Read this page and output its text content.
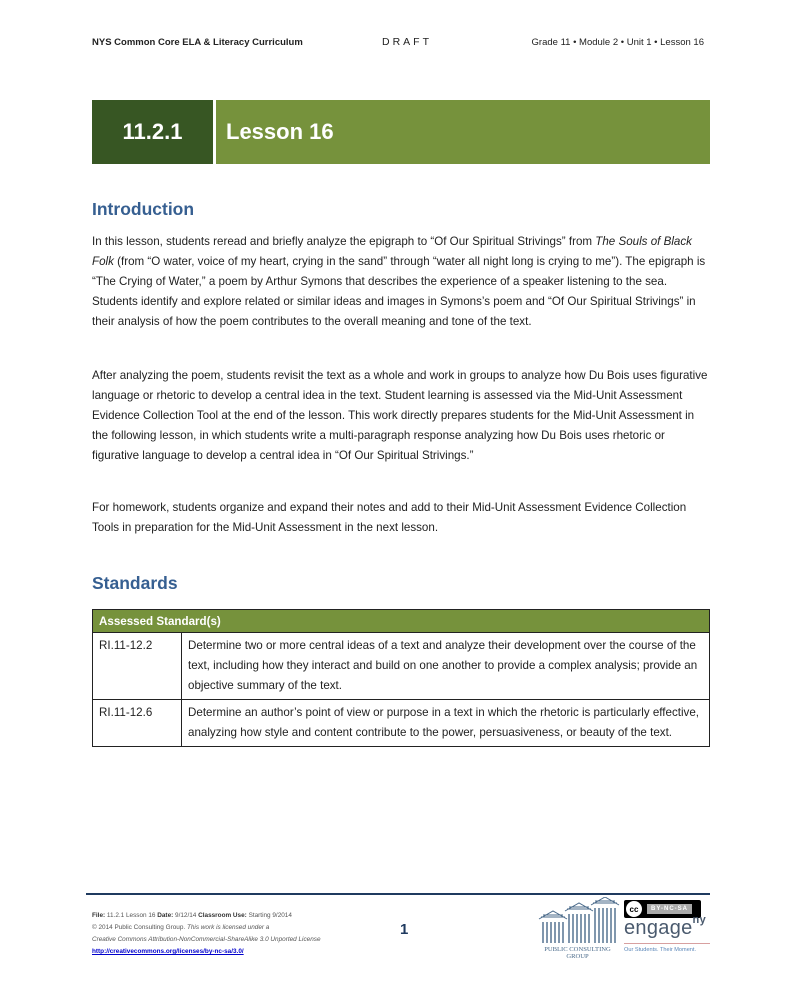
NYS Common Core ELA & Literacy Curriculum	DRAFT	Grade 11 • Module 2 • Unit 1 • Lesson 16
11.2.1	Lesson 16
Introduction

In this lesson, students reread and briefly analyze the epigraph to “Of Our Spiritual Strivings” from The Souls of Black Folk (from “O water, voice of my heart, crying in the sand” through “water all night long is crying to me”). The epigraph is “The Crying of Water,” a poem by Arthur Symons that describes the experience of a speaker listening to the sea. Students identify and explore related or similar ideas and images in Symons’s poem and “Of Our Spiritual Strivings” in their analysis of how the poem contributes to the overall meaning and tone of the text.

After analyzing the poem, students revisit the text as a whole and work in groups to analyze how Du Bois uses figurative language or rhetoric to develop a central idea in the text. Student learning is assessed via the Mid-Unit Assessment Evidence Collection Tool at the end of the lesson. This work directly prepares students for the Mid-Unit Assessment in the following lesson, in which students write a multi-paragraph response analyzing how Du Bois uses rhetoric or figurative language to develop a central idea in “Of Our Spiritual Strivings.”

For homework, students organize and expand their notes and add to their Mid-Unit Assessment Evidence Collection Tools in preparation for the Mid-Unit Assessment in the next lesson.

Standards
Assessed Standard(s)	
RI.11-12.2	Determine two or more central ideas of a text and analyze their development over the course of the text, including how they interact and build on one another to provide a complex analysis; provide an objective summary of the text.
RI.11-12.6	Determine an author’s point of view or purpose in a text in which the rhetoric is particularly effective, analyzing how style and content contribute to the power, persuasiveness, or beauty of the text.
File: 11.2.1 Lesson 16 Date: 9/12/14 Classroom Use: Starting 9/2014
© 2014 Public Consulting Group. This work is licensed under a
Creative Commons Attribution-NonCommercial-ShareAlike 3.0 Unported License
http://creativecommons.org/licenses/by-nc-sa/3.0/
1
PUBLIC CONSULTING
GROUP
cc	BY-NC-SA
engage$^{ny}$
Our Students. Their Moment.
